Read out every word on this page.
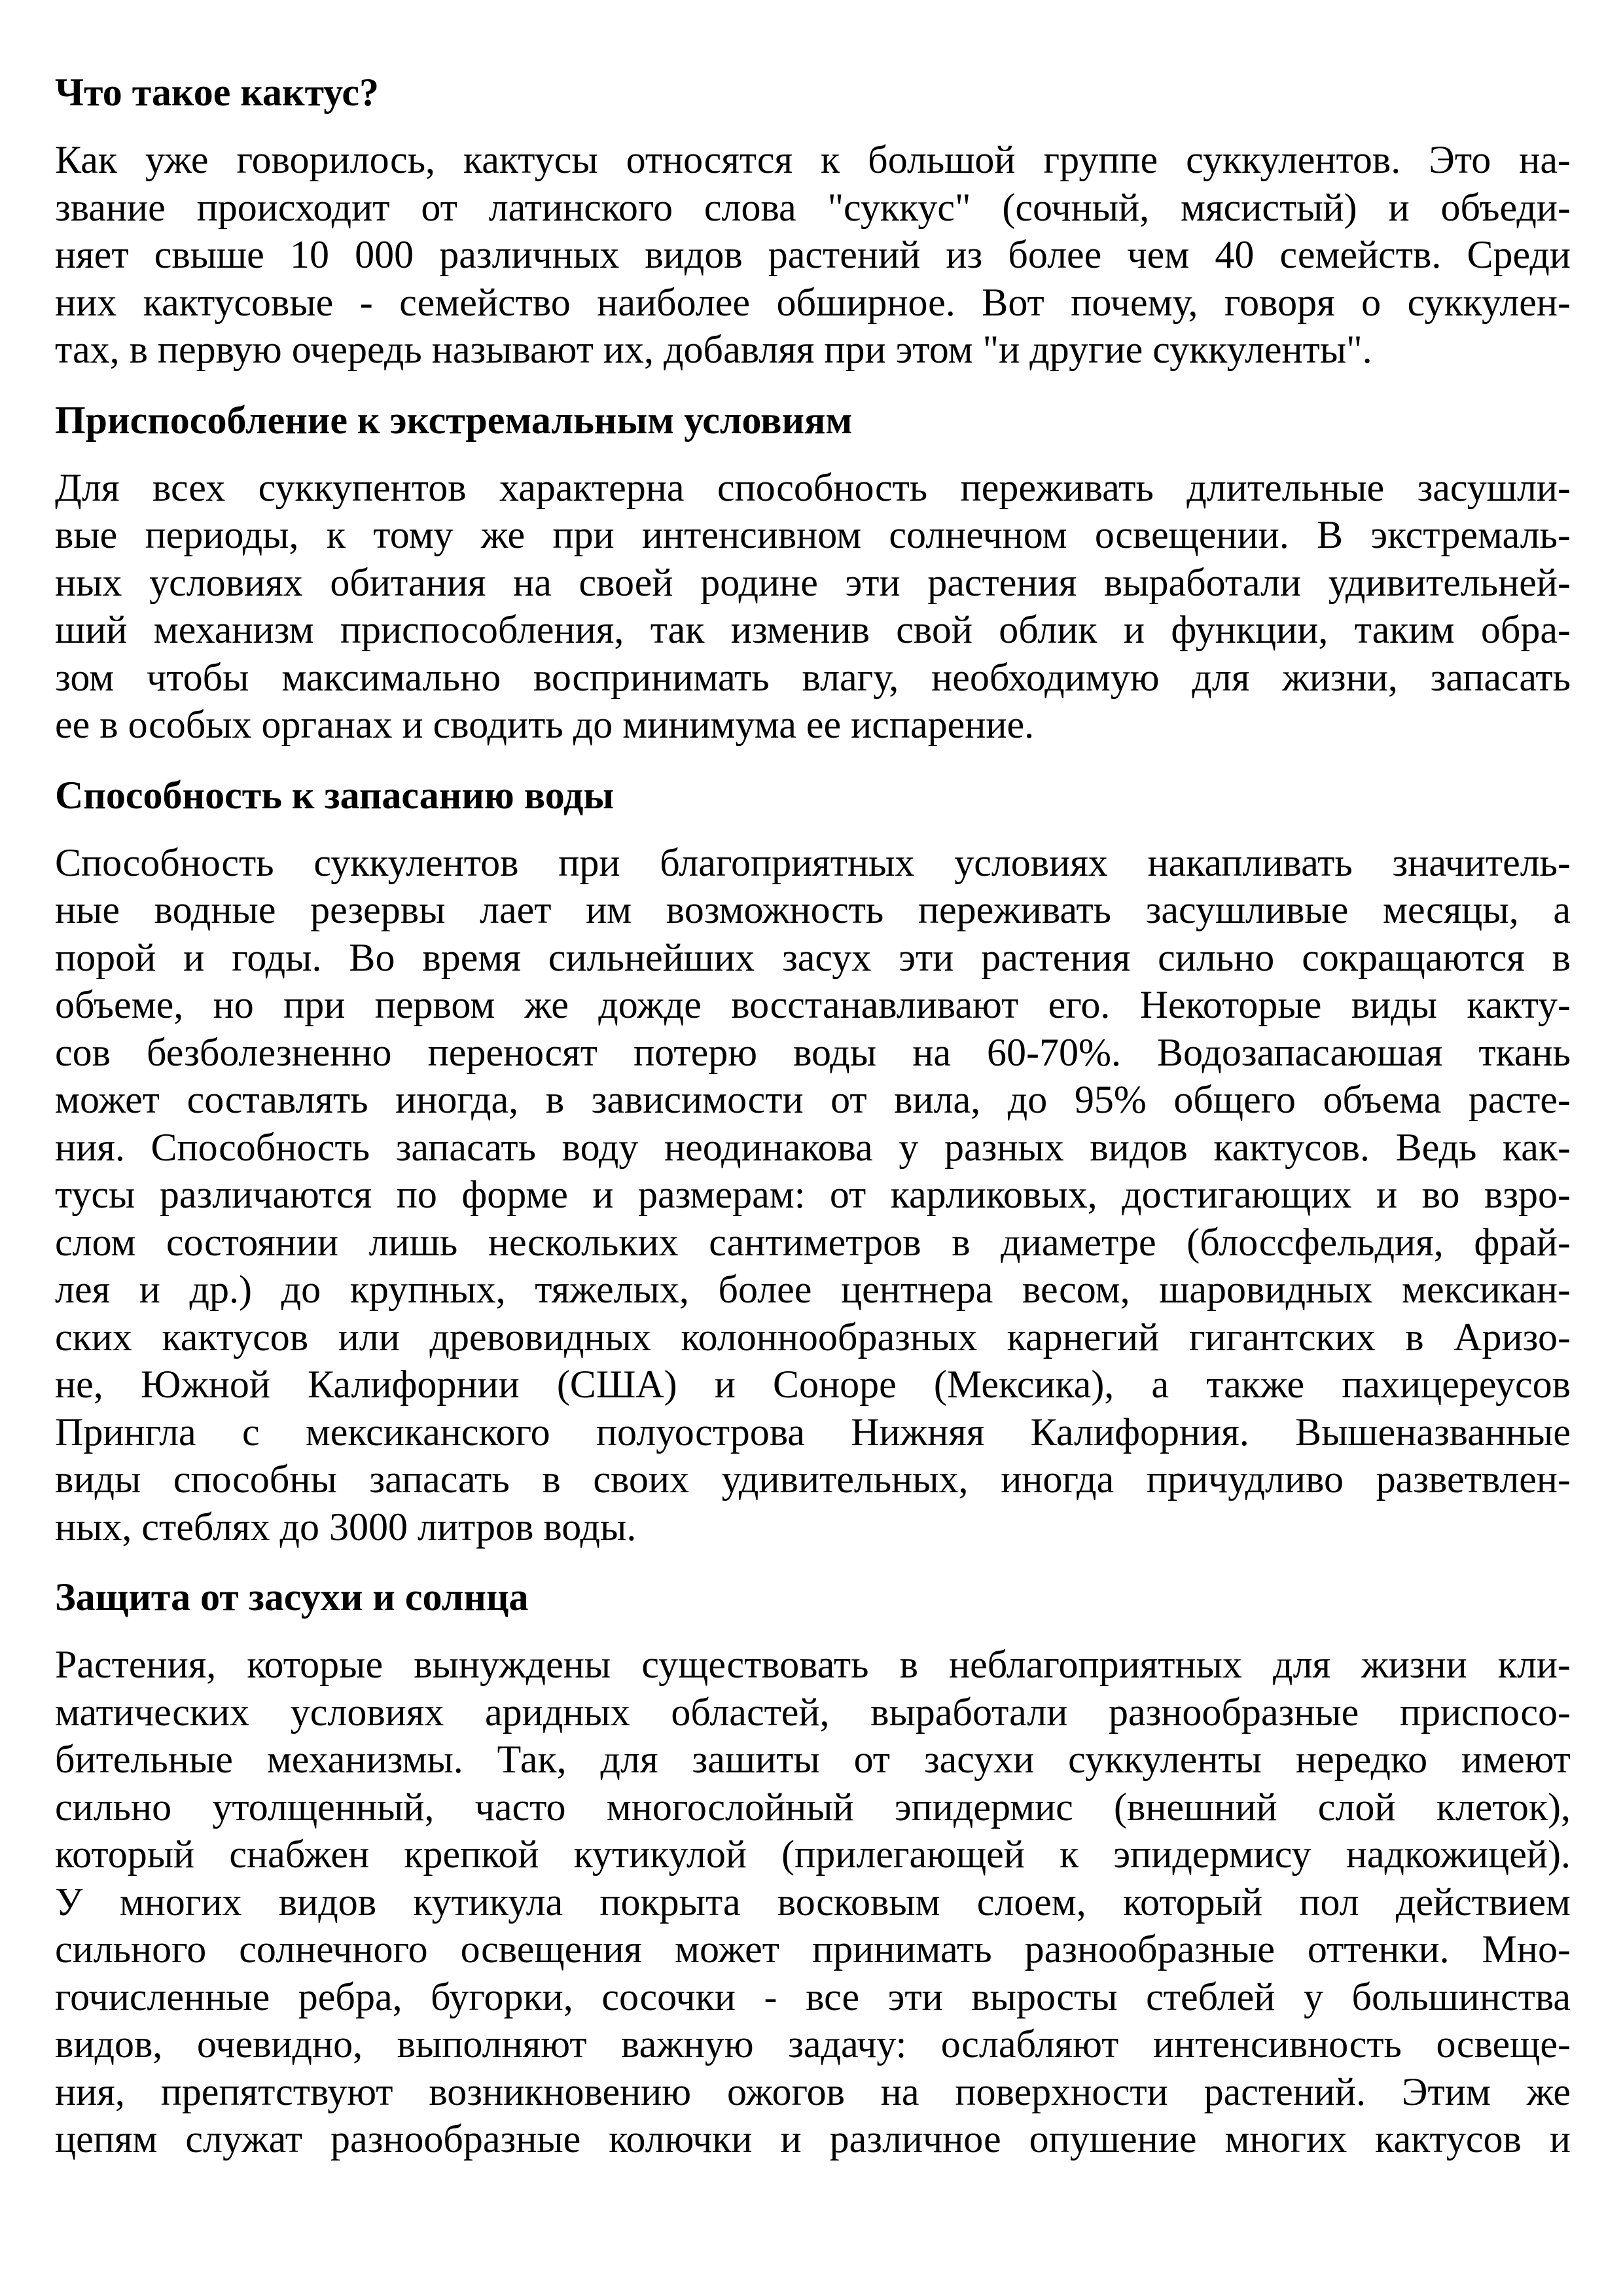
Что такое кактус?
Как уже говорилось, кактусы относятся к большой группе суккулентов. Это на-
звание происходит от латинского слова "суккус" (сочный, мясистый) и объеди-
няет свыше 10 000 различных видов растений из более чем 40 семейств. Среди
них кактусовые - семейство наиболее обширное. Вот почему, говоря о суккулен-
тах, в первую очередь называют их, добавляя при этом "и другие суккуленты".
Приспособление к экстремальным условиям
Для всех суккупентов характерна способность переживать длительные засушли-
вые периоды, к тому же при интенсивном солнечном освещении. В экстремаль-
ных условиях обитания на своей родине эти растения выработали удивительней-
ший механизм приспособления, так изменив свой облик и функции, таким обра-
зом чтобы максимально воспринимать влагу, необходимую для жизни, запасать
ее в особых органах и сводить до минимума ее испарение.
Способность к запасанию воды
Способность суккулентов при благоприятных условиях накапливать значитель-
ные водные резервы лает им возможность переживать засушливые месяцы, а
порой и годы. Во время сильнейших засух эти растения сильно сокращаются в
объеме, но при первом же дожде восстанавливают его. Некоторые виды какту-
сов безболезненно переносят потерю воды на 60-70%. Водозапасаюшая ткань
может составлять иногда, в зависимости от вила, до 95% общего объема расте-
ния. Способность запасать воду неодинакова у разных видов кактусов. Ведь как-
тусы различаются по форме и размерам: от карликовых, достигающих и во взро-
слом состоянии лишь нескольких сантиметров в диаметре (блоссфельдия, фрай-
лея и др.) до крупных, тяжелых, более центнера весом, шаровидных мексикан-
ских кактусов или древовидных колоннообразных карнегий гигантских в Аризо-
не, Южной Калифорнии (США) и Соноре (Мексика), а также пахицереусов
Прингла с мексиканского полуострова Нижняя Калифорния. Вышеназванные
виды способны запасать в своих удивительных, иногда причудливо разветвлен-
ных, стеблях до 3000 литров воды.
Защита от засухи и солнца
Растения, которые вынуждены существовать в неблагоприятных для жизни кли-
матических условиях аридных областей, выработали разнообразные приспосо-
бительные механизмы. Так, для зашиты от засухи суккуленты нередко имеют
сильно утолщенный, часто многослойный эпидермис (внешний слой клеток),
который снабжен крепкой кутикулой (прилегающей к эпидермису надкожицей).
У многих видов кутикула покрыта восковым слоем, который пол действием
сильного солнечного освещения может принимать разнообразные оттенки. Мно-
гочисленные ребра, бугорки, сосочки - все эти выросты стеблей у большинства
видов, очевидно, выполняют важную задачу: ослабляют интенсивность освеще-
ния, препятствуют возникновению ожогов на поверхности растений. Этим же
цепям служат разнообразные колючки и различное опушение многих кактусов и
